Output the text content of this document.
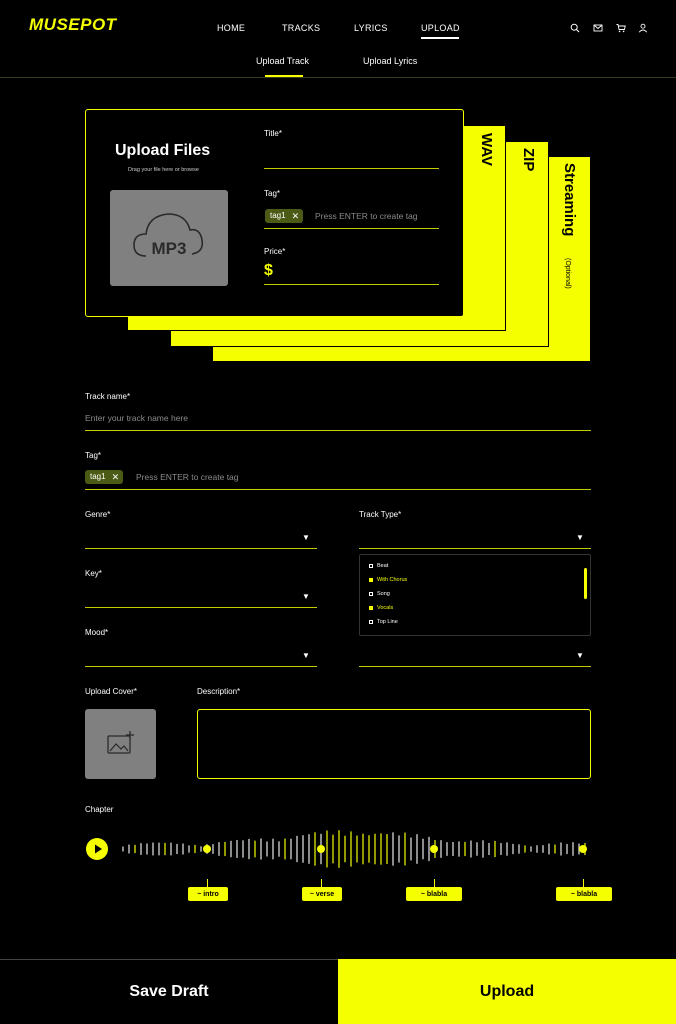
MUSEPOT	HOME	TRACKS	LYRICS	UPLOAD
Upload Track	Upload Lyrics
WAV ZIP
Streaming
(Optional)
Upload Files
Drag your file here or browse
MP3
Title*
Tag*
tag1 ✕ Press ENTER to create tag
Price*
$
Track name*
Enter your track name here
Tag*
tag1 ✕ Press ENTER to create tag
Genre*
▼
Track Type*
▼
Key*
▼
Mood*
▼	▼
Beat
With Chorus
Song
Vocals
Top Line
Upload Cover*	Description*
Chapter
~ intro	~ verse	~ blabla	~ blabla
Save Draft	Upload
